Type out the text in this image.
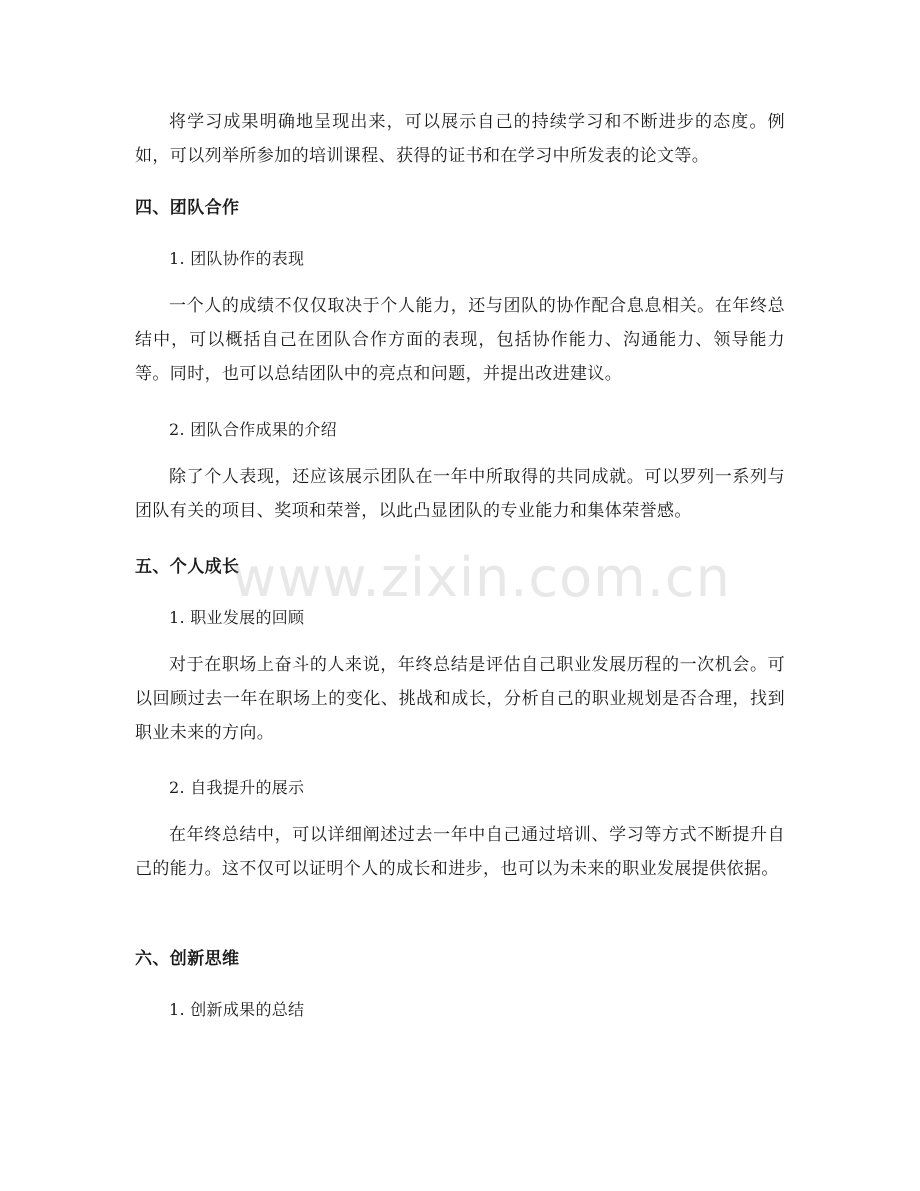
将学习成果明确地呈现出来，可以展示自己的持续学习和不断进步的态度。例如，可以列举所参加的培训课程、获得的证书和在学习中所发表的论文等。

四、团队合作

1. 团队协作的表现

一个人的成绩不仅仅取决于个人能力，还与团队的协作配合息息相关。在年终总结中，可以概括自己在团队合作方面的表现，包括协作能力、沟通能力、领导能力等。同时，也可以总结团队中的亮点和问题，并提出改进建议。

2. 团队合作成果的介绍

除了个人表现，还应该展示团队在一年中所取得的共同成就。可以罗列一系列与团队有关的项目、奖项和荣誉，以此凸显团队的专业能力和集体荣誉感。

五、个人成长

1. 职业发展的回顾

对于在职场上奋斗的人来说，年终总结是评估自己职业发展历程的一次机会。可以回顾过去一年在职场上的变化、挑战和成长，分析自己的职业规划是否合理，找到职业未来的方向。

2. 自我提升的展示

在年终总结中，可以详细阐述过去一年中自己通过培训、学习等方式不断提升自己的能力。这不仅可以证明个人的成长和进步，也可以为未来的职业发展提供依据。

六、创新思维

1. 创新成果的总结

www.zixin.com.cn
